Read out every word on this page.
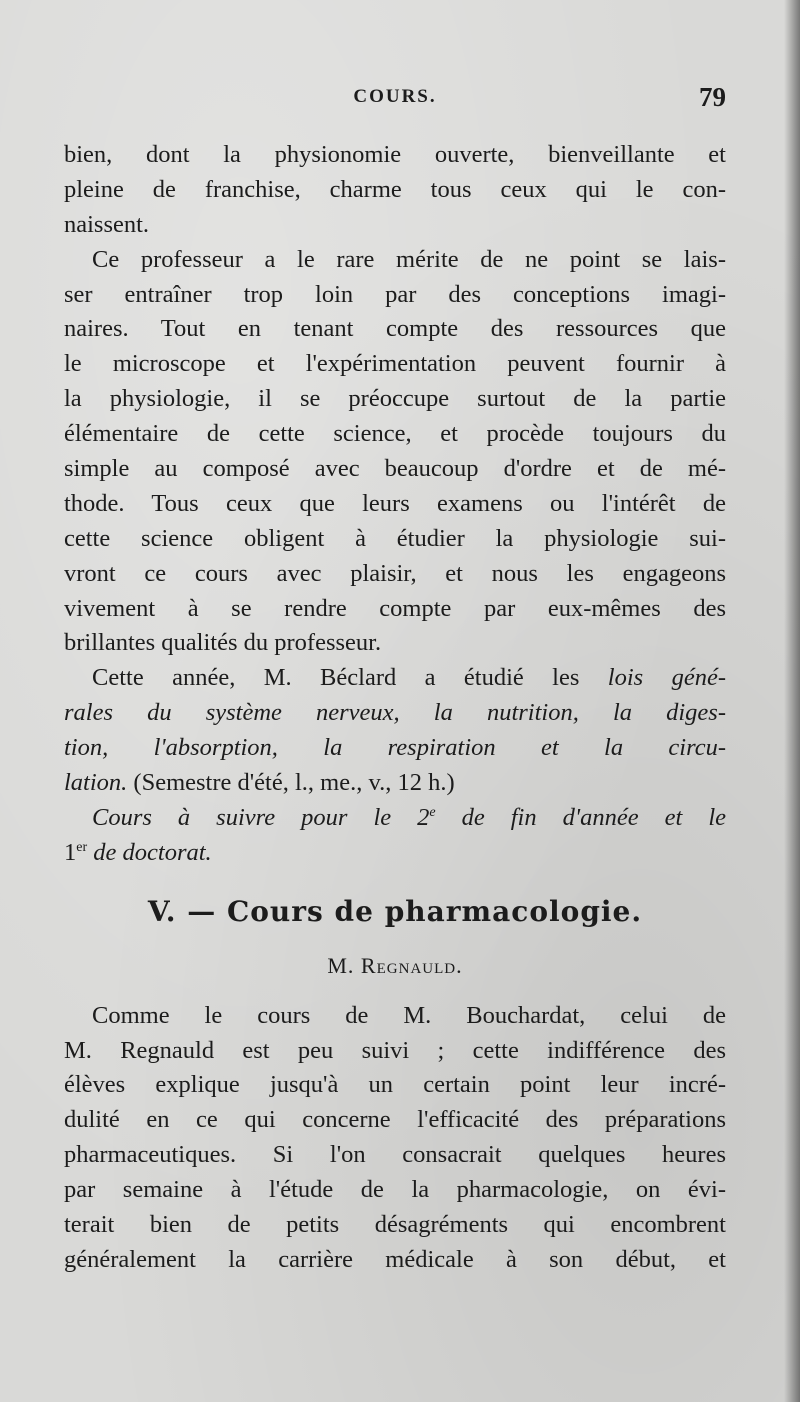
COURS.	79
bien, dont la physionomie ouverte, bienveillante et
pleine de franchise, charme tous ceux qui le con-
naissent.
Ce professeur a le rare mérite de ne point se lais-
ser entraîner trop loin par des conceptions imagi-
naires. Tout en tenant compte des ressources que
le microscope et l'expérimentation peuvent fournir à
la physiologie, il se préoccupe surtout de la partie
élémentaire de cette science, et procède toujours du
simple au composé avec beaucoup d'ordre et de mé-
thode. Tous ceux que leurs examens ou l'intérêt de
cette science obligent à étudier la physiologie sui-
vront ce cours avec plaisir, et nous les engageons
vivement à se rendre compte par eux-mêmes des
brillantes qualités du professeur.
Cette année, M. Béclard a étudié les lois géné-
rales du système nerveux, la nutrition, la diges-
tion, l'absorption, la respiration et la circu-
lation. (Semestre d'été, l., me., v., 12 h.)
Cours à suivre pour le 2e de fin d'année et le
1er de doctorat.
V. — Cours de pharmacologie.
M. Regnauld.
Comme le cours de M. Bouchardat, celui de
M. Regnauld est peu suivi ; cette indifférence des
élèves explique jusqu'à un certain point leur incré-
dulité en ce qui concerne l'efficacité des préparations
pharmaceutiques. Si l'on consacrait quelques heures
par semaine à l'étude de la pharmacologie, on évi-
terait bien de petits désagréments qui encombrent
généralement la carrière médicale à son début, et
